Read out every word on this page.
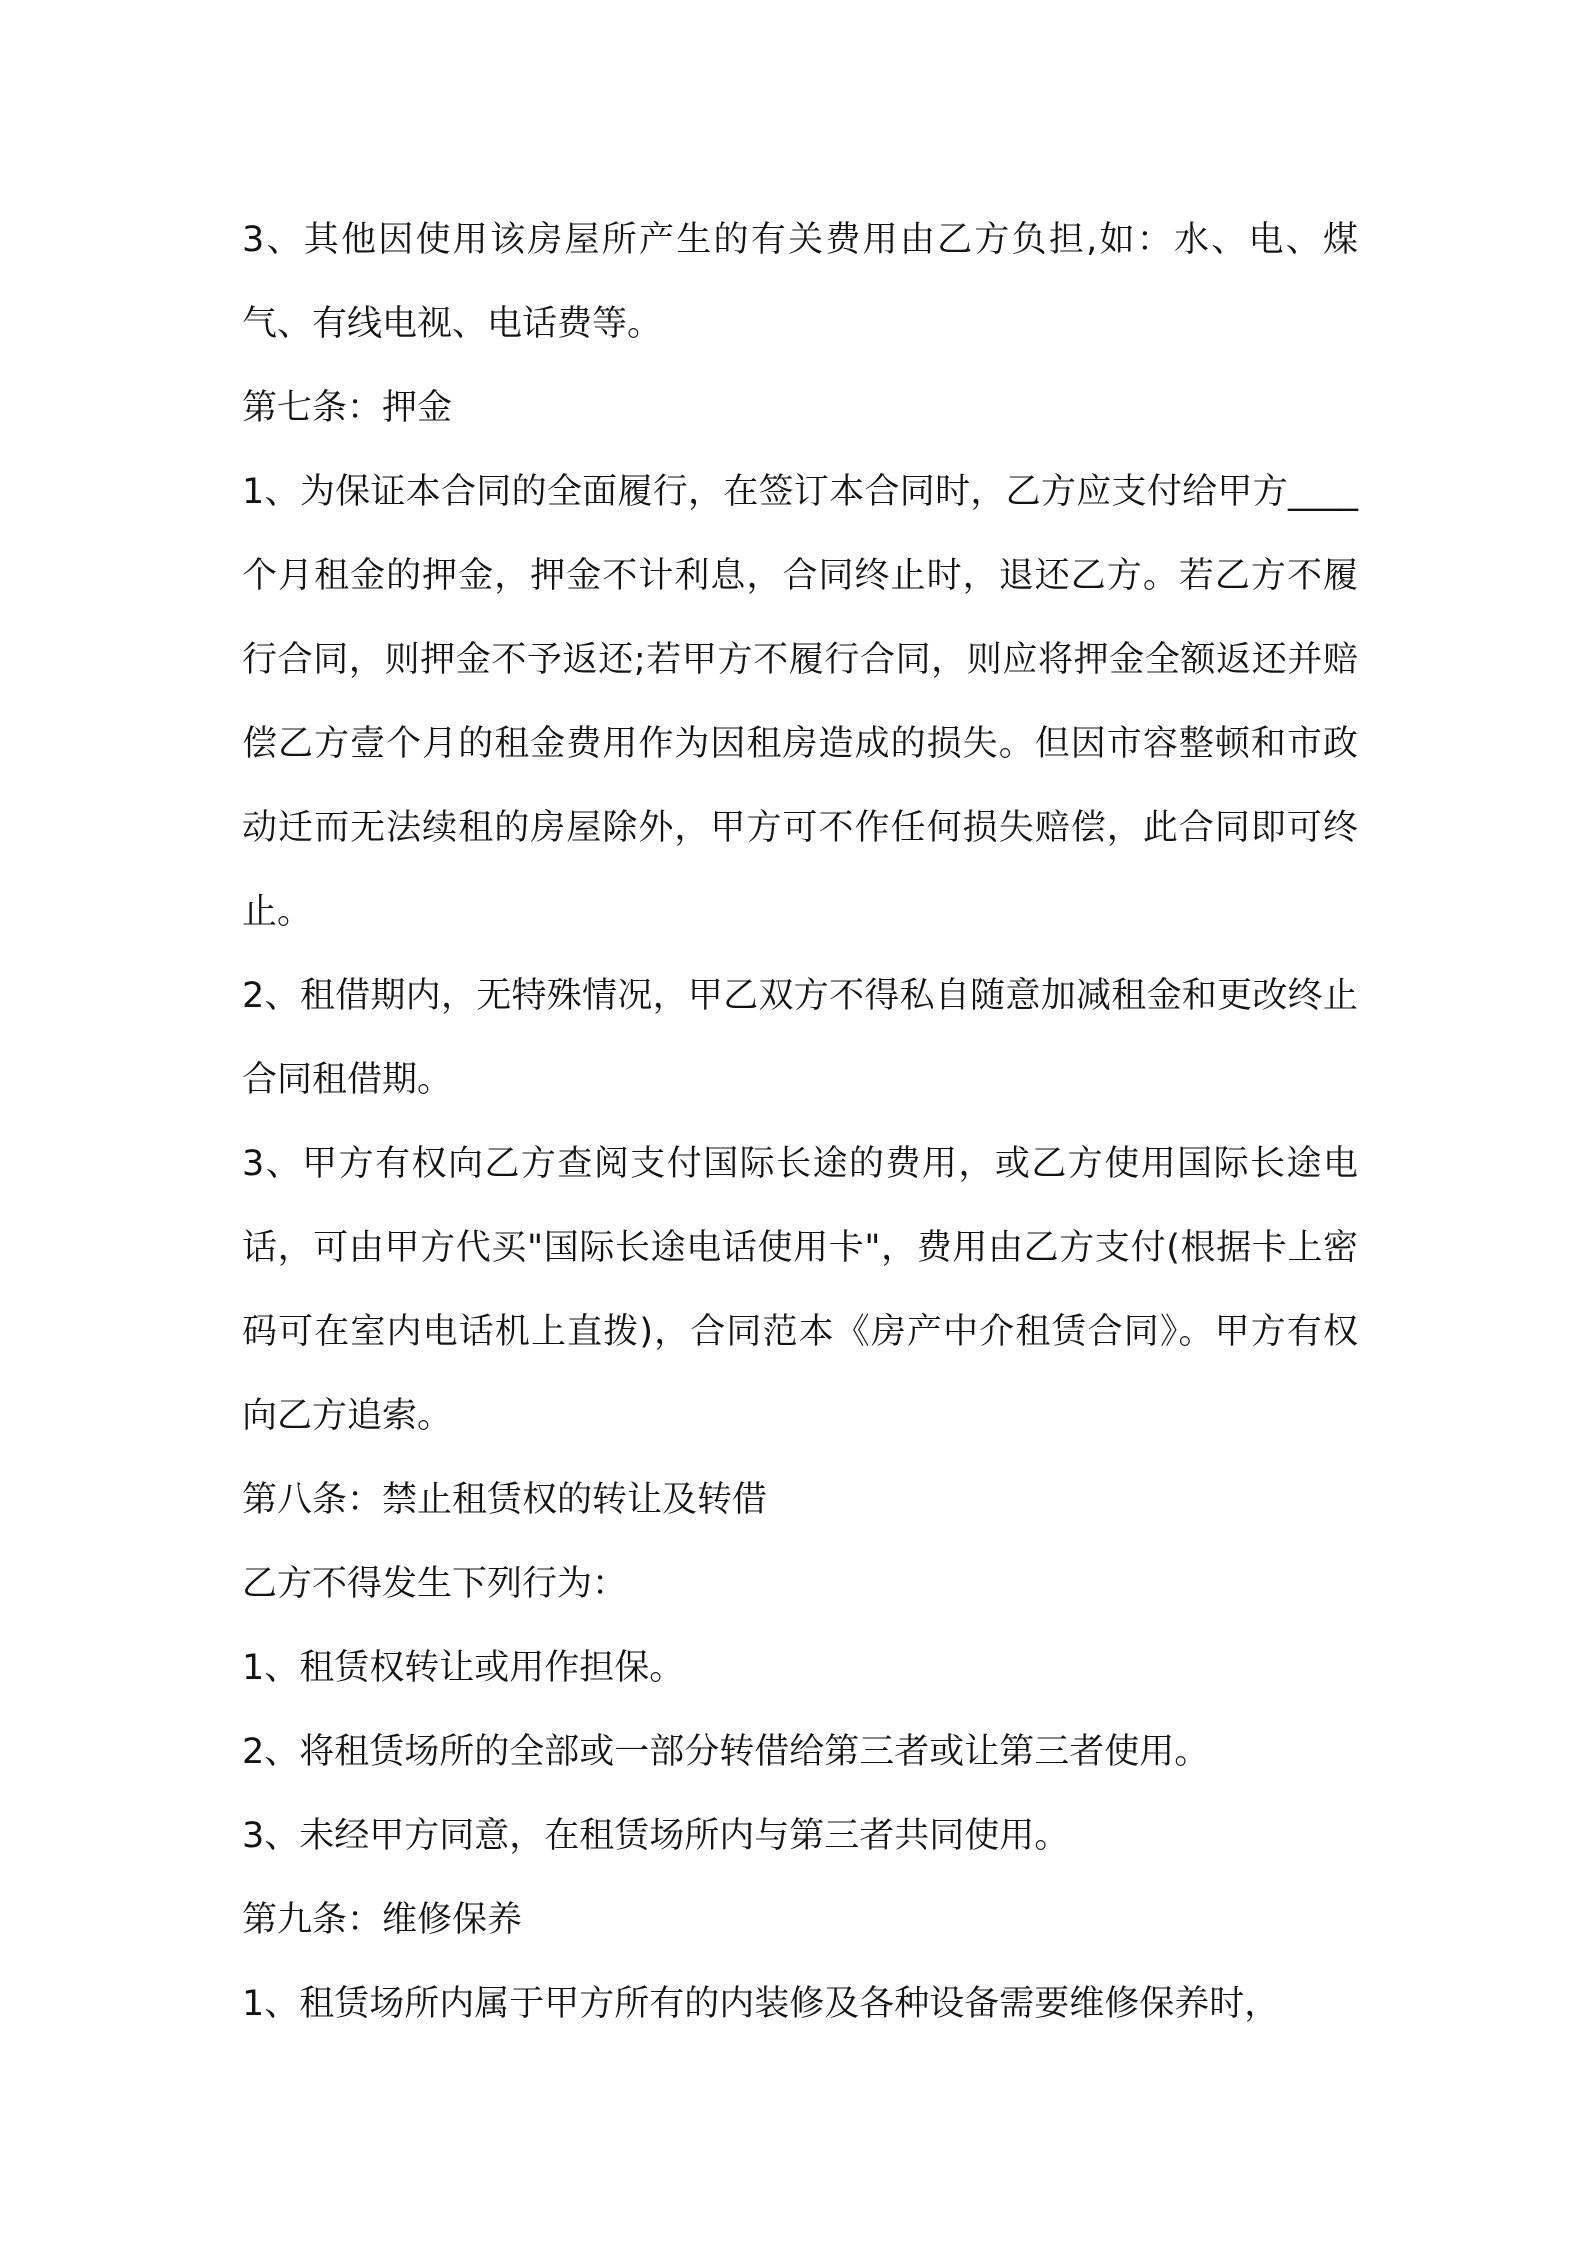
3、其他因使用该房屋所产生的有关费用由乙方负担,如：水、电、煤气、有线电视、电话费等。

第七条：押金

1、为保证本合同的全面履行，在签订本合同时，乙方应支付给甲方____个月租金的押金，押金不计利息，合同终止时，退还乙方。若乙方不履行合同，则押金不予返还;若甲方不履行合同，则应将押金全额返还并赔偿乙方壹个月的租金费用作为因租房造成的损失。但因市容整顿和市政动迁而无法续租的房屋除外，甲方可不作任何损失赔偿，此合同即可终止。

2、租借期内，无特殊情况，甲乙双方不得私自随意加减租金和更改终止合同租借期。

3、甲方有权向乙方查阅支付国际长途的费用，或乙方使用国际长途电话，可由甲方代买"国际长途电话使用卡"，费用由乙方支付(根据卡上密码可在室内电话机上直拨)，合同范本《房产中介租赁合同》。甲方有权向乙方追索。

第八条：禁止租赁权的转让及转借

乙方不得发生下列行为：

1、租赁权转让或用作担保。

2、将租赁场所的全部或一部分转借给第三者或让第三者使用。

3、未经甲方同意，在租赁场所内与第三者共同使用。

第九条：维修保养

1、租赁场所内属于甲方所有的内装修及各种设备需要维修保养时，
